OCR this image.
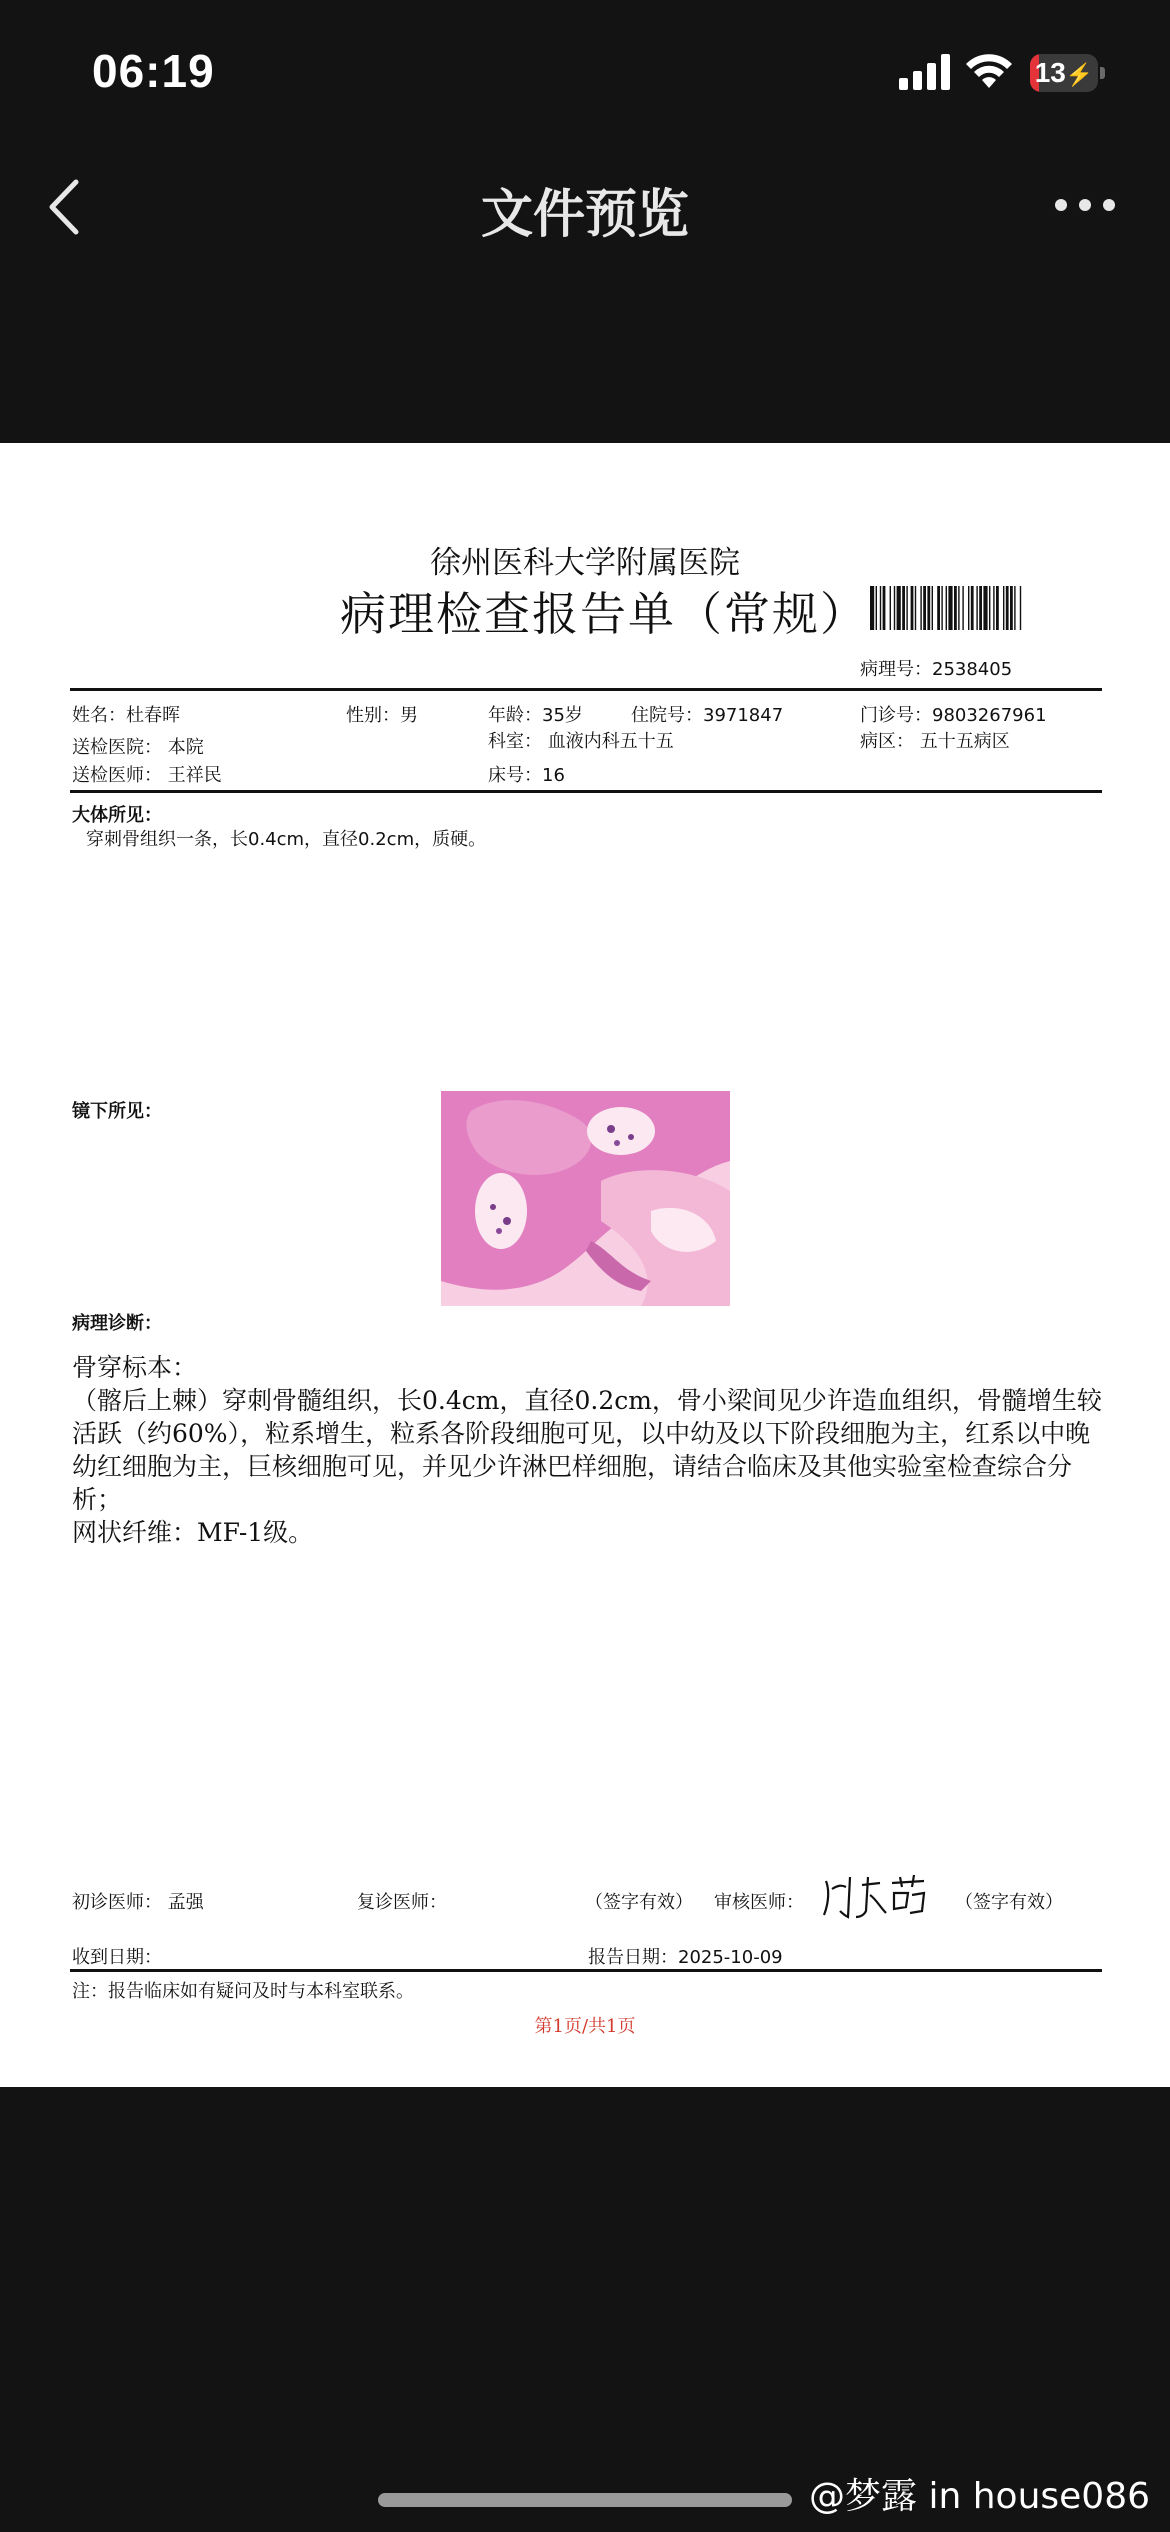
06:19	13⚡
文件预览
徐州医科大学附属医院
病理检查报告单（常规）
病理号：2538405
姓名：杜春晖	性别：男	年龄：35岁	住院号：3971847	门诊号：9803267961
送检医院： 本院	科室： 血液内科五十五	病区： 五十五病区
送检医师： 王祥民	床号：16
大体所见：
穿刺骨组织一条，长0.4cm，直径0.2cm，质硬。
镜下所见：
病理诊断：
骨穿标本：
（髂后上棘）穿刺骨髓组织，长0.4cm，直径0.2cm，骨小梁间见少许造血组织，骨髓增生较活跃（约60%），粒系增生，粒系各阶段细胞可见，以中幼及以下阶段细胞为主，红系以中晚幼红细胞为主，巨核细胞可见，并见少许淋巴样细胞，请结合临床及其他实验室检查综合分析；
网状纤维：MF-1级。
初诊医师： 孟强	复诊医师：	（签字有效） 审核医师：	（签字有效）
收到日期：	报告日期：2025-10-09
注：报告临床如有疑问及时与本科室联系。
第1页/共1页
@梦露 in house086
